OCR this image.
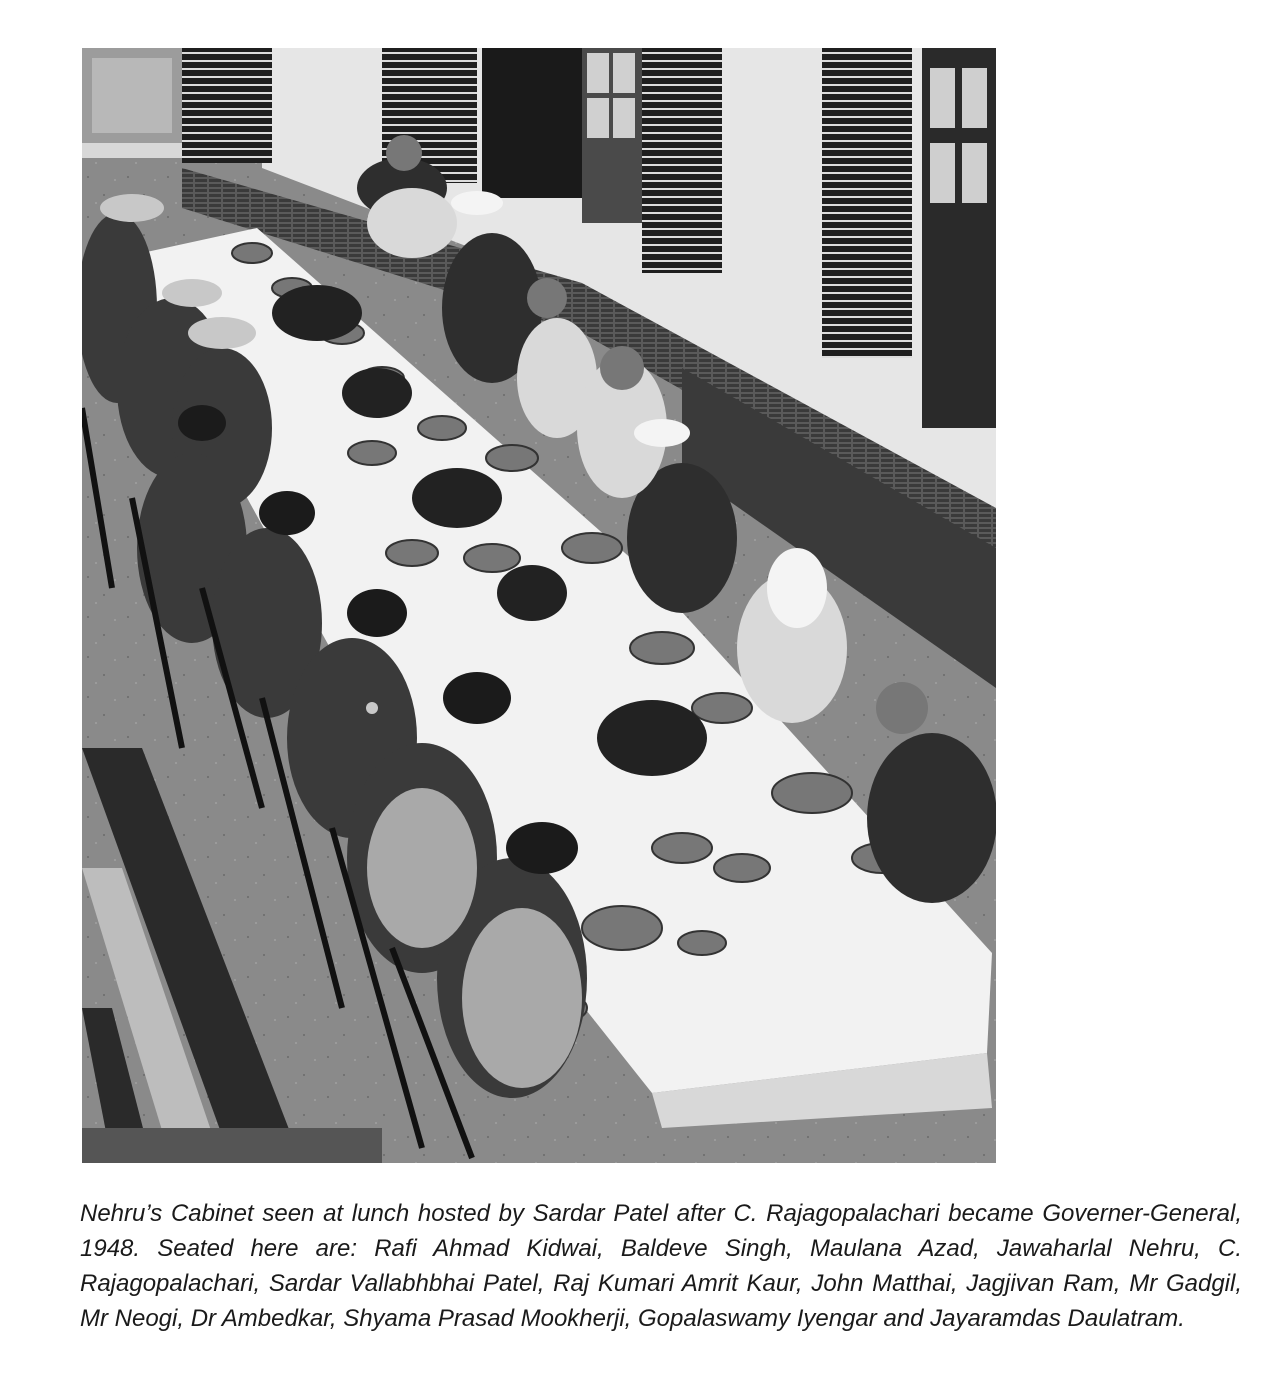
Nehru’s Cabinet seen at lunch hosted by Sardar Patel after C. Rajagopalachari became Governer-General, 1948. Seated here are: Rafi Ahmad Kidwai, Baldeve Singh, Maulana Azad, Jawaharlal Nehru, C. Rajagopalachari, Sardar Vallabhbhai Patel, Raj Kumari Amrit Kaur, John Matthai, Jagjivan Ram, Mr Gadgil, Mr Neogi, Dr Ambedkar, Shyama Prasad Mookherji, Gopalaswamy Iyengar and Jayaramdas Daulatram.
